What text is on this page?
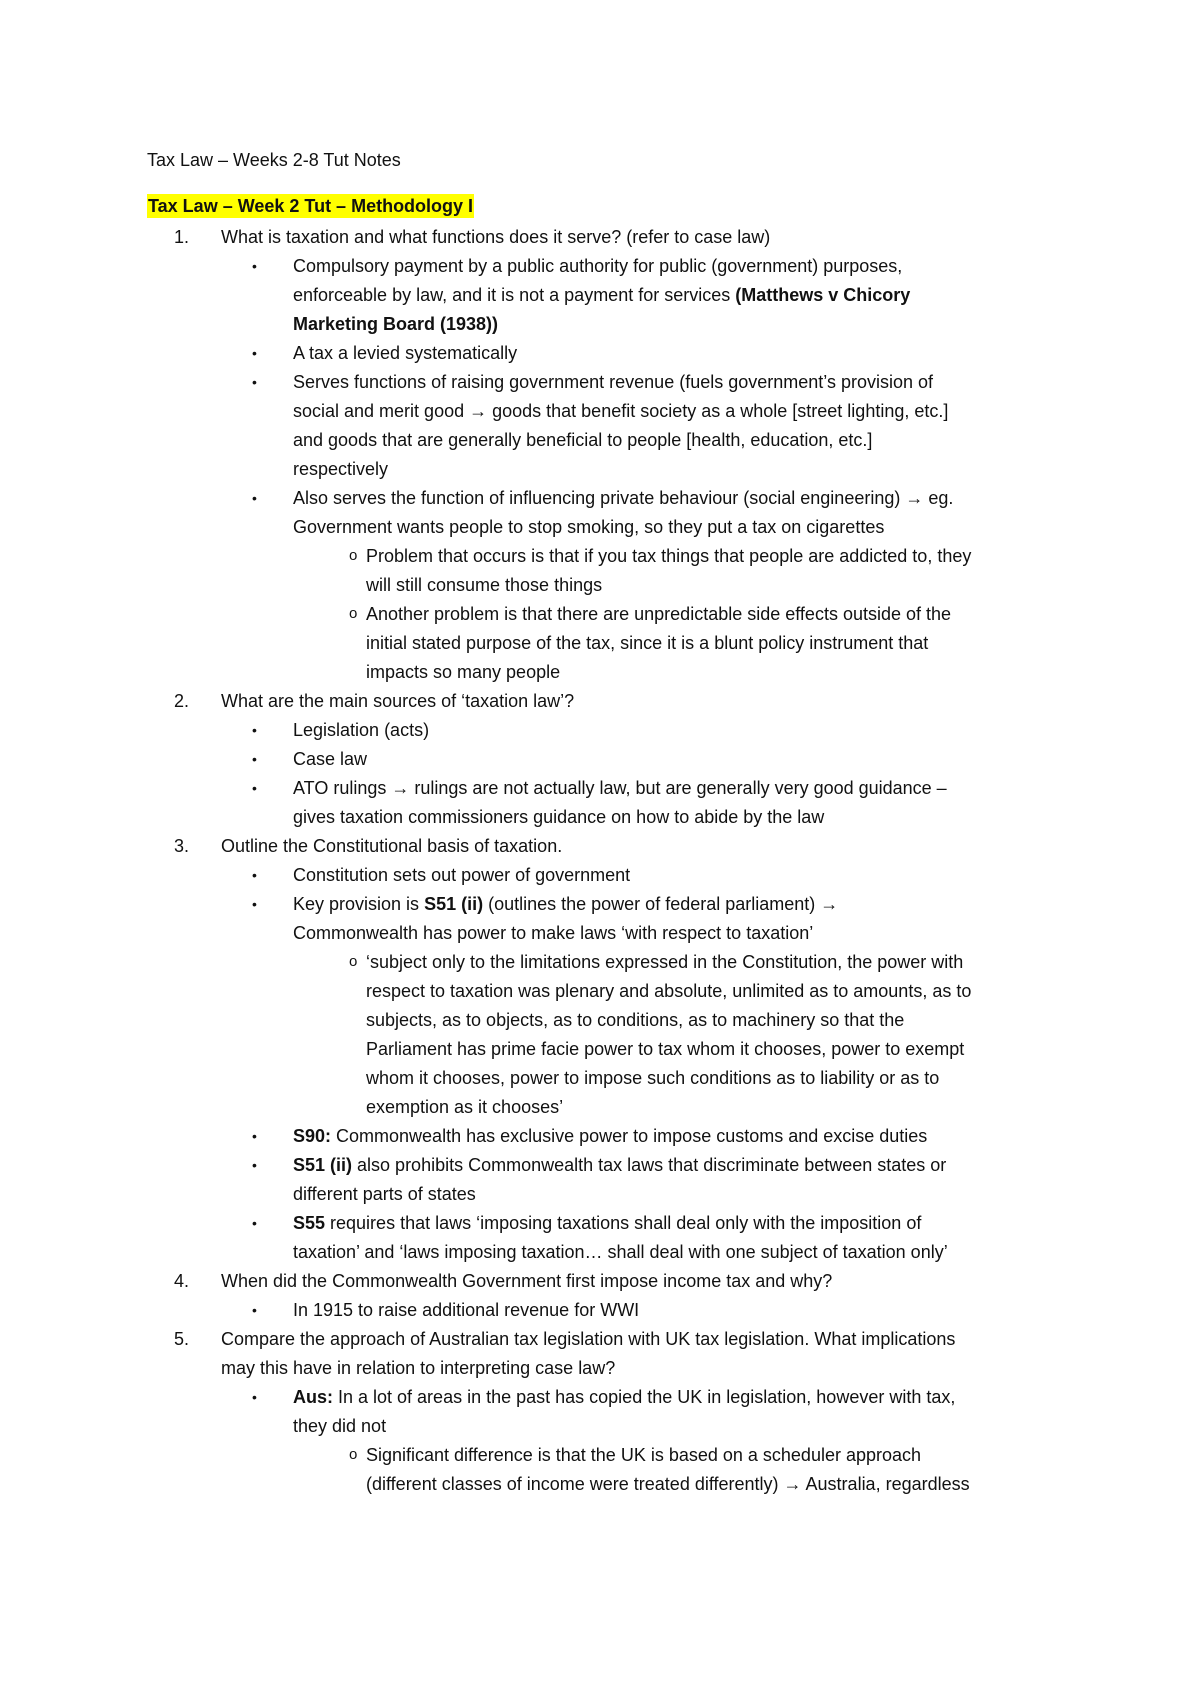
Tax Law – Weeks 2-8 Tut Notes
Tax Law – Week 2 Tut – Methodology I
1. What is taxation and what functions does it serve? (refer to case law)
• Compulsory payment by a public authority for public (government) purposes,
enforceable by law, and it is not a payment for services (Matthews v Chicory
Marketing Board (1938))
• A tax a levied systematically
• Serves functions of raising government revenue (fuels government’s provision of
social and merit good → goods that benefit society as a whole [street lighting, etc.]
and goods that are generally beneficial to people [health, education, etc.]
respectively
• Also serves the function of influencing private behaviour (social engineering) → eg.
Government wants people to stop smoking, so they put a tax on cigarettes
o Problem that occurs is that if you tax things that people are addicted to, they
will still consume those things
o Another problem is that there are unpredictable side effects outside of the
initial stated purpose of the tax, since it is a blunt policy instrument that
impacts so many people
2. What are the main sources of ‘taxation law’?
• Legislation (acts)
• Case law
• ATO rulings → rulings are not actually law, but are generally very good guidance –
gives taxation commissioners guidance on how to abide by the law
3. Outline the Constitutional basis of taxation.
• Constitution sets out power of government
• Key provision is S51 (ii) (outlines the power of federal parliament) →
Commonwealth has power to make laws ‘with respect to taxation’
o ‘subject only to the limitations expressed in the Constitution, the power with
respect to taxation was plenary and absolute, unlimited as to amounts, as to
subjects, as to objects, as to conditions, as to machinery so that the
Parliament has prime facie power to tax whom it chooses, power to exempt
whom it chooses, power to impose such conditions as to liability or as to
exemption as it chooses’
• S90: Commonwealth has exclusive power to impose customs and excise duties
• S51 (ii) also prohibits Commonwealth tax laws that discriminate between states or
different parts of states
• S55 requires that laws ‘imposing taxations shall deal only with the imposition of
taxation’ and ‘laws imposing taxation… shall deal with one subject of taxation only’
4. When did the Commonwealth Government first impose income tax and why?
• In 1915 to raise additional revenue for WWI
5. Compare the approach of Australian tax legislation with UK tax legislation. What implications
may this have in relation to interpreting case law?
• Aus: In a lot of areas in the past has copied the UK in legislation, however with tax,
they did not
o Significant difference is that the UK is based on a scheduler approach
(different classes of income were treated differently) → Australia, regardless
